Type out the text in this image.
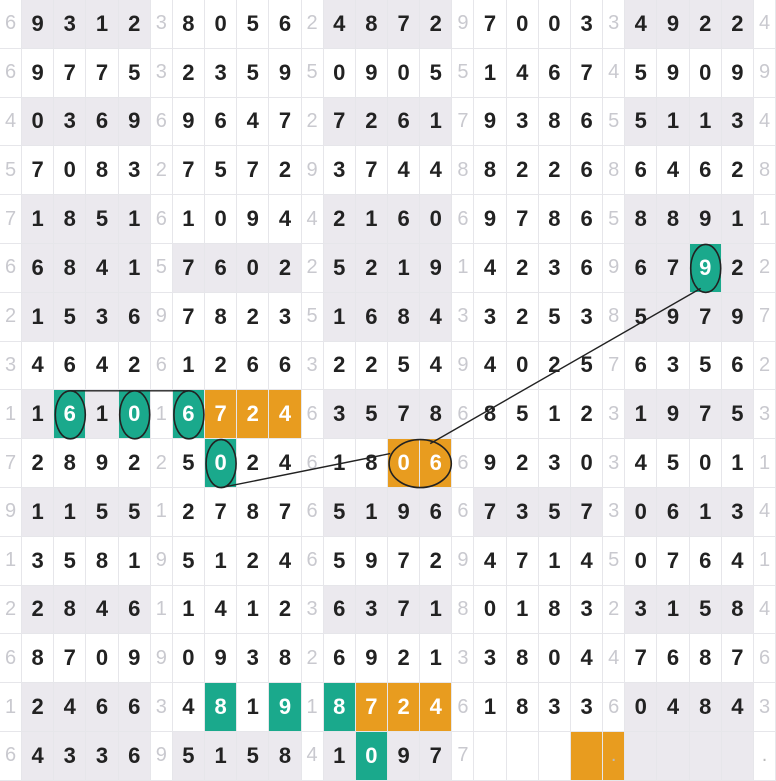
6 9 3 1 2 3 8 0 5 6 2 4 8 7 2 9 7 0 0 3 3 4 9 2 2 4
6 9 7 7 5 3 2 3 5 9 5 0 9 0 5 5 1 4 6 7 4 5 9 0 9 9
4 0 3 6 9 6 9 6 4 7 2 7 2 6 1 7 9 3 8 6 5 5 1 1 3 4
5 7 0 8 3 2 7 5 7 2 9 3 7 4 4 8 8 2 2 6 8 6 4 6 2 8
7 1 8 5 1 6 1 0 9 4 4 2 1 6 0 6 9 7 8 6 5 8 8 9 1 1
6 6 8 4 1 5 7 6 0 2 2 5 2 1 9 1 4 2 3 6 9 6 7 9 2 2
2 1 5 3 6 9 7 8 2 3 5 1 6 8 4 3 3 2 5 3 8 5 9 7 9 7
3 4 6 4 2 6 1 2 6 6 3 2 2 5 4 9 4 0 2 5 7 6 3 5 6 2
1 1 6 1 0 1 6 7 2 4 6 3 5 7 8 6 8 5 1 2 3 1 9 7 5 3
7 2 8 9 2 2 5 0 2 4 6 1 8 0 6 6 9 2 3 0 3 4 5 0 1 1
9 1 1 5 5 1 2 7 8 7 6 5 1 9 6 6 7 3 5 7 3 0 6 1 3 4
1 3 5 8 1 9 5 1 2 4 6 5 9 7 2 9 4 7 1 4 5 0 7 6 4 1
2 2 8 4 6 1 1 4 1 2 3 6 3 7 1 8 0 1 8 3 2 3 1 5 8 4
6 8 7 0 9 9 0 9 3 8 2 6 9 2 1 3 3 8 0 4 4 7 6 8 7 6
1 2 4 6 6 3 4 8 1 9 1 8 7 2 4 6 1 8 3 3 6 0 4 8 4 3
6 4 3 3 6 9 5 1 5 8 4 1 0 9 7 7	.	.
